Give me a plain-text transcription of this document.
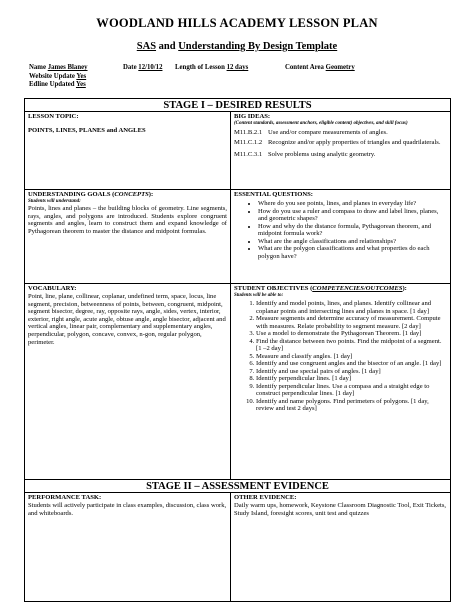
WOODLAND HILLS ACADEMY LESSON PLAN
SAS and Understanding By Design Template
Name James Blaney
Website Update Yes
Edline Updated Yes
Date 12/10/12 Length of Lesson 12 days	Content Area Geometry
STAGE I – DESIRED RESULTS
LESSON TOPIC:
POINTS, LINES, PLANES and ANGLES
BIG IDEAS:
(Content standards, assessment anchors, eligible content) objectives, and skill focus)
M11.B.2.1 Use and/or compare measurements of angles.
M11.C.1.2 Recognize and/or apply properties of triangles and quadrilaterals.
M11.C.3.1 Solve problems using analytic geometry.
UNDERSTANDING GOALS (CONCEPTS):
Students will understand:
Points, lines and planes – the building blocks of geometry. Line segments, rays, angles, and polygons are introduced. Students explore congruent segments and angles, learn to construct them and expand knowledge of Pythagorean theorem to master the distance and midpoint formulas.
ESSENTIAL QUESTIONS:
• Where do you see points, lines, and planes in everyday life?
• How do you use a ruler and compass to draw and label lines, planes, and geometric shapes?
• How and why do the distance formula, Pythagorean theorem, and midpoint formula work?
• What are the angle classifications and relationships?
• What are the polygon classifications and what properties do each polygon have?
VOCABULARY:
Point, line, plane, collinear, coplanar, undefined term, space, locus, line segment, precision, betweenness of points, between, congruent, midpoint, segment bisector, degree, ray, opposite rays, angle, sides, vertex, interior, exterior, right angle, acute angle, obtuse angle, angle bisector, adjacent and vertical angles, linear pair, complementary and supplementary angles, perpendicular, polygon, concave, convex, n-gon, regular polygon, perimeter.
STUDENT OBJECTIVES (COMPETENCIES/OUTCOMES):
Students will be able to:
1. Identify and model points, lines, and planes. Identify collinear and coplanar points and intersecting lines and planes in space. [1 day]
2. Measure segments and determine accuracy of measurement. Compute with measures. Relate probability to segment measure. [2 day]
3. Use a model to demonstrate the Pythagorean Theorem. [1 day]
4. Find the distance between two points. Find the midpoint of a segment. [1 –2 day]
5. Measure and classify angles. [1 day]
6. Identify and use congruent angles and the bisector of an angle. [1 day]
7. Identify and use special pairs of angles. [1 day]
8. Identify perpendicular lines. [1 day]
9. Identify perpendicular lines. Use a compass and a straight edge to construct perpendicular lines. [1 day]
10. Identify and name polygons. Find perimeters of polygons. [1 day, review and test 2 days]
STAGE II – ASSESSMENT EVIDENCE
PERFORMANCE TASK:
Students will actively participate in class examples, discussion, class work, and whiteboards.
OTHER EVIDENCE:
Daily warm ups, homework, Keystone Classroom Diagnostic Tool, Exit Tickets, Study Island, foresight scores, unit test and quizzes
